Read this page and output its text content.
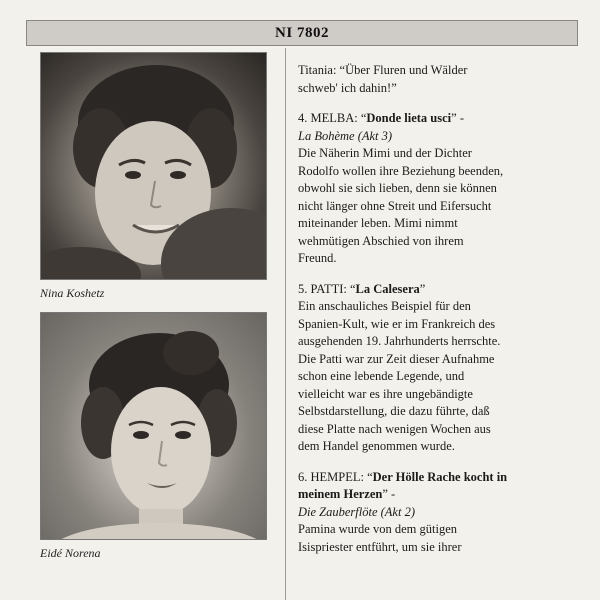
NI 7802
Nina Koshetz
Eidé Norena

Titania: “Über Fluren und Wälder

schweb' ich dahin!”

4. MELBA: “Donde lieta usci” -

La Bohème (Akt 3)

Die Näherin Mimi und der Dichter

Rodolfo wollen ihre Beziehung beenden,

obwohl sie sich lieben, denn sie können

nicht länger ohne Streit und Eifersucht

miteinander leben. Mimi nimmt

wehmütigen Abschied von ihrem

Freund.

5. PATTI: “La Calesera”

Ein anschauliches Beispiel für den

Spanien-Kult, wie er im Frankreich des

ausgehenden 19. Jahrhunderts herrschte.

Die Patti war zur Zeit dieser Aufnahme

schon eine lebende Legende, und

vielleicht war es ihre ungebändigte

Selbstdarstellung, die dazu führte, daß

diese Platte nach wenigen Wochen aus

dem Handel genommen wurde.

6. HEMPEL: “Der Hölle Rache kocht in

meinem Herzen” -

Die Zauberflöte (Akt 2)

Pamina wurde von dem gütigen

Isispriester entführt, um sie ihrer
